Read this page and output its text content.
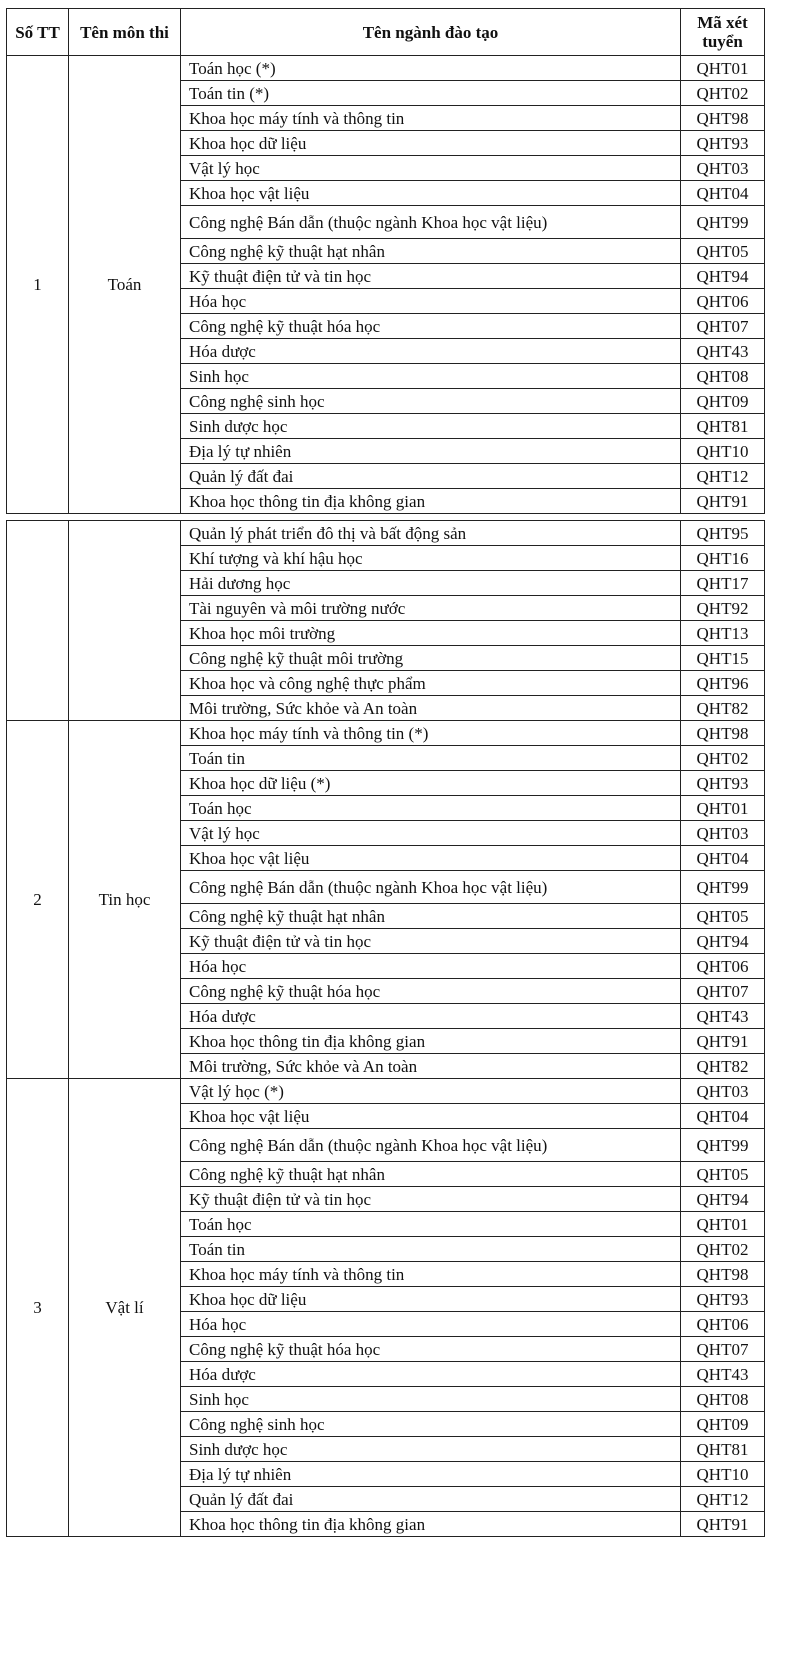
Số TT	Tên môn thi	Tên ngành đào tạo	Mã xét tuyển
1	Toán	Toán học (*)	QHT01
		Toán tin (*)	QHT02
		Khoa học máy tính và thông tin	QHT98
		Khoa học dữ liệu	QHT93
		Vật lý học	QHT03
		Khoa học vật liệu	QHT04
		Công nghệ Bán dẫn (thuộc ngành Khoa học vật liệu)	QHT99
		Công nghệ kỹ thuật hạt nhân	QHT05
		Kỹ thuật điện tử và tin học	QHT94
		Hóa học	QHT06
		Công nghệ kỹ thuật hóa học	QHT07
		Hóa dược	QHT43
		Sinh học	QHT08
		Công nghệ sinh học	QHT09
		Sinh dược học	QHT81
		Địa lý tự nhiên	QHT10
		Quản lý đất đai	QHT12
		Khoa học thông tin địa không gian	QHT91

		Quản lý phát triển đô thị và bất động sản	QHT95
		Khí tượng và khí hậu học	QHT16
		Hải dương học	QHT17
		Tài nguyên và môi trường nước	QHT92
		Khoa học môi trường	QHT13
		Công nghệ kỹ thuật môi trường	QHT15
		Khoa học và công nghệ thực phẩm	QHT96
		Môi trường, Sức khỏe và An toàn	QHT82
2	Tin học	Khoa học máy tính và thông tin (*)	QHT98
		Toán tin	QHT02
		Khoa học dữ liệu (*)	QHT93
		Toán học	QHT01
		Vật lý học	QHT03
		Khoa học vật liệu	QHT04
		Công nghệ Bán dẫn (thuộc ngành Khoa học vật liệu)	QHT99
		Công nghệ kỹ thuật hạt nhân	QHT05
		Kỹ thuật điện tử và tin học	QHT94
		Hóa học	QHT06
		Công nghệ kỹ thuật hóa học	QHT07
		Hóa dược	QHT43
		Khoa học thông tin địa không gian	QHT91
		Môi trường, Sức khỏe và An toàn	QHT82
3	Vật lí	Vật lý học (*)	QHT03
		Khoa học vật liệu	QHT04
		Công nghệ Bán dẫn (thuộc ngành Khoa học vật liệu)	QHT99
		Công nghệ kỹ thuật hạt nhân	QHT05
		Kỹ thuật điện tử và tin học	QHT94
		Toán học	QHT01
		Toán tin	QHT02
		Khoa học máy tính và thông tin	QHT98
		Khoa học dữ liệu	QHT93
		Hóa học	QHT06
		Công nghệ kỹ thuật hóa học	QHT07
		Hóa dược	QHT43
		Sinh học	QHT08
		Công nghệ sinh học	QHT09
		Sinh dược học	QHT81
		Địa lý tự nhiên	QHT10
		Quản lý đất đai	QHT12
		Khoa học thông tin địa không gian	QHT91
